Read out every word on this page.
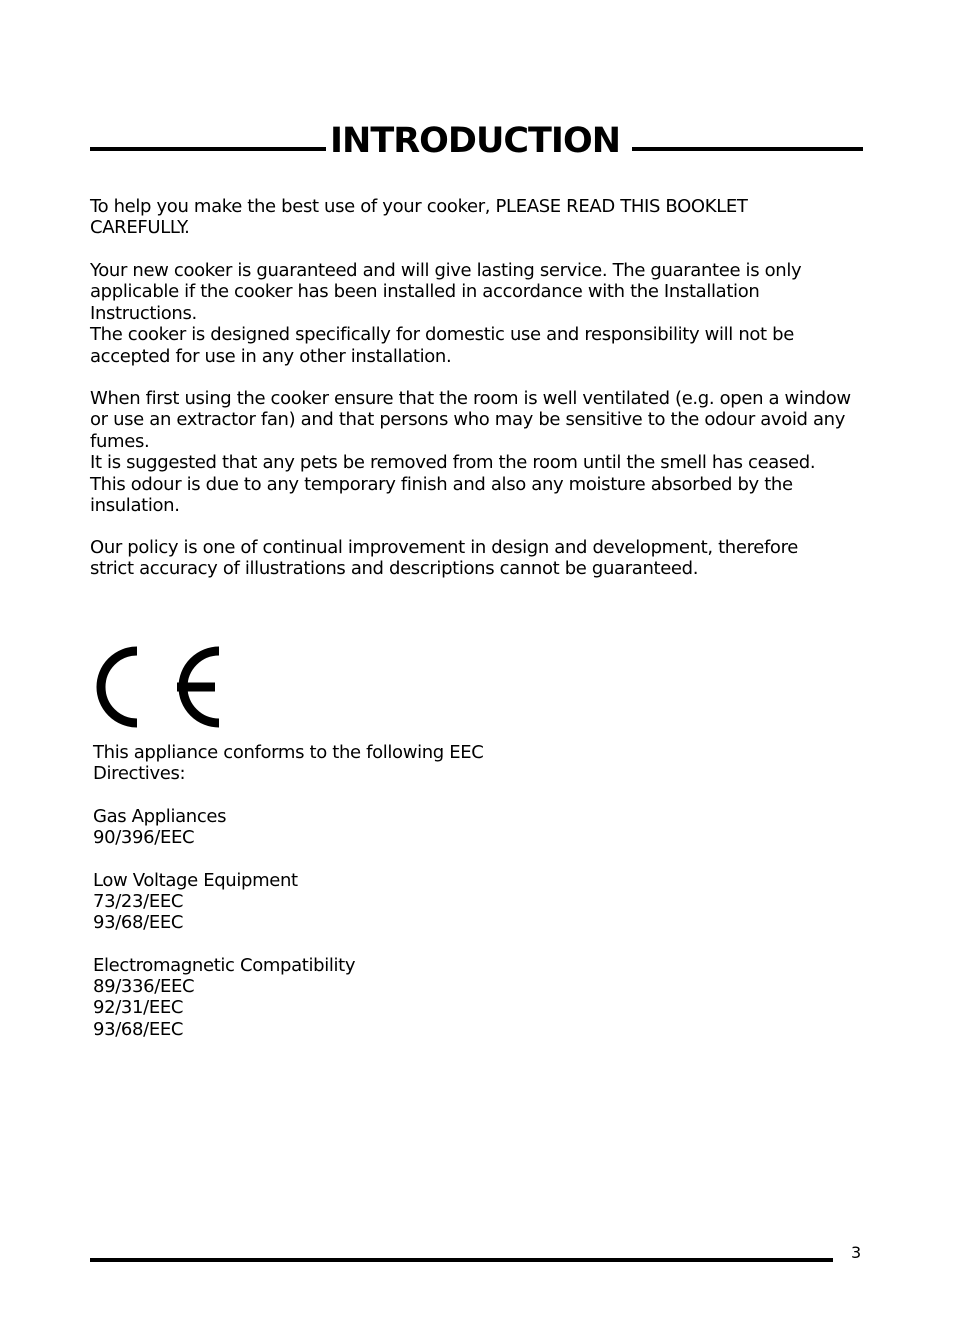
INTRODUCTION

To help you make the best use of your cooker, PLEASE READ THIS BOOKLET
CAREFULLY.

Your new cooker is guaranteed and will give lasting service. The guarantee is only
applicable if the cooker has been installed in accordance with the Installation
Instructions.
The cooker is designed specifically for domestic use and responsibility will not be
accepted for use in any other installation.

When first using the cooker ensure that the room is well ventilated (e.g. open a window
or use an extractor fan) and that persons who may be sensitive to the odour avoid any
fumes.
It is suggested that any pets be removed from the room until the smell has ceased.
This odour is due to any temporary finish and also any moisture absorbed by the
insulation.

Our policy is one of continual improvement in design and development, therefore
strict accuracy of illustrations and descriptions cannot be guaranteed.

This appliance conforms to the following EEC
Directives:

Gas Appliances

90/396/EEC

Low Voltage Equipment

73/23/EEC
93/68/EEC

Electromagnetic Compatibility

89/336/EEC
92/31/EEC
93/68/EEC

3
